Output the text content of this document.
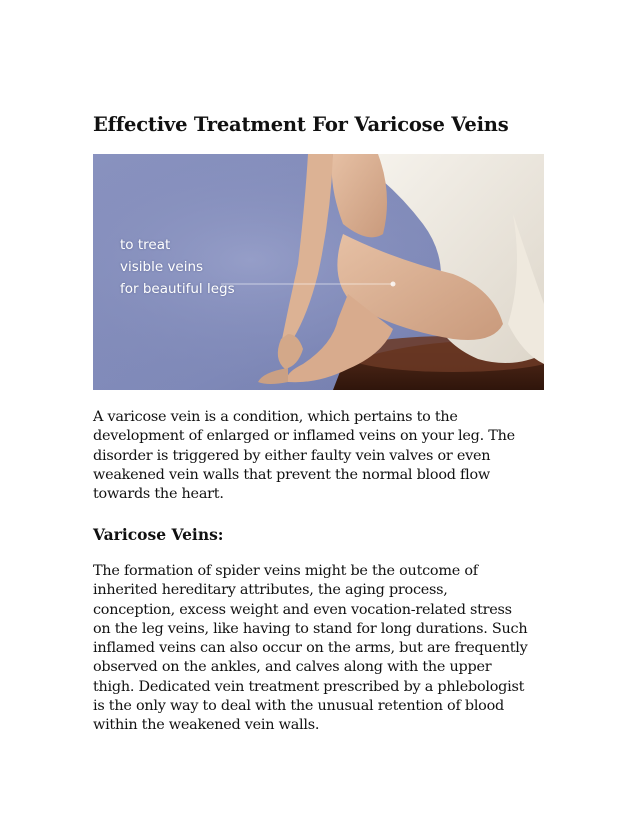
Effective Treatment For Varicose Veins
to treat
visible veins
for beautiful legs

A varicose vein is a condition, which pertains to the
development of enlarged or inflamed veins on your leg. The
disorder is triggered by either faulty vein valves or even
weakened vein walls that prevent the normal blood flow
towards the heart.

Varicose Veins:

The formation of spider veins might be the outcome of
inherited hereditary attributes, the aging process,
conception, excess weight and even vocation-related stress
on the leg veins, like having to stand for long durations. Such
inflamed veins can also occur on the arms, but are frequently
observed on the ankles, and calves along with the upper
thigh. Dedicated vein treatment prescribed by a phlebologist
is the only way to deal with the unusual retention of blood
within the weakened vein walls.
